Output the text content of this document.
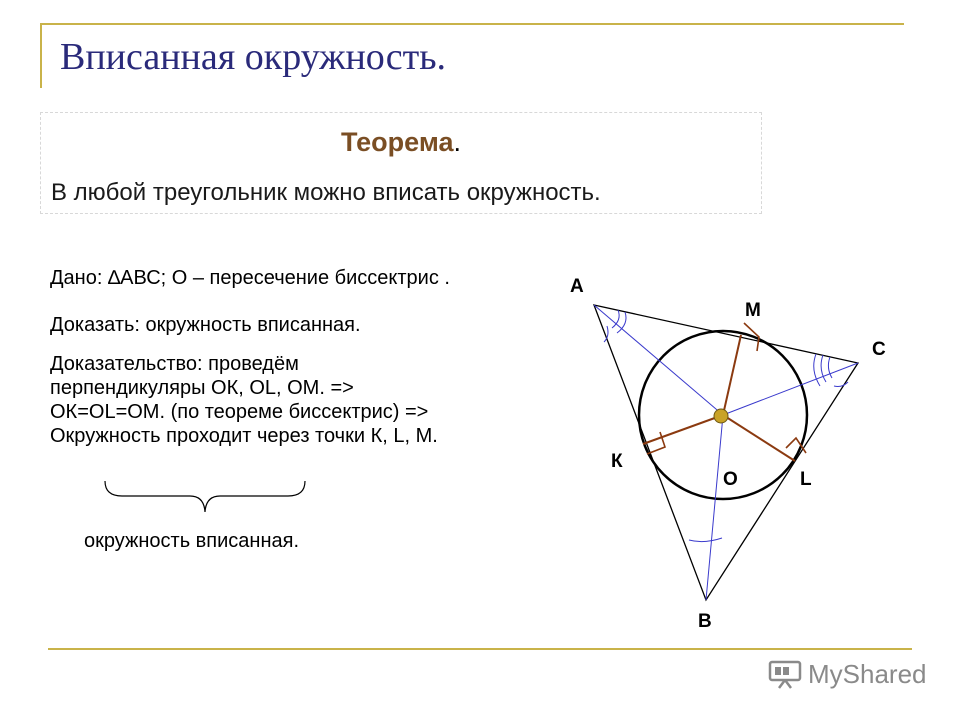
Вписанная окружность.
Теорема.
В любой треугольник можно вписать окружность.
Дано: ∆АВС; О – пересечение биссектрис .
Доказать: окружность вписанная.
Доказательство: проведём
перпендикуляры ОК, OL, ОМ. =>
ОК=OL=ОМ. (по теореме биссектрис) =>
Окружность проходит через точки К, L, М.
окружность вписанная.
А
М
С
К
О	L
В
MyShared
